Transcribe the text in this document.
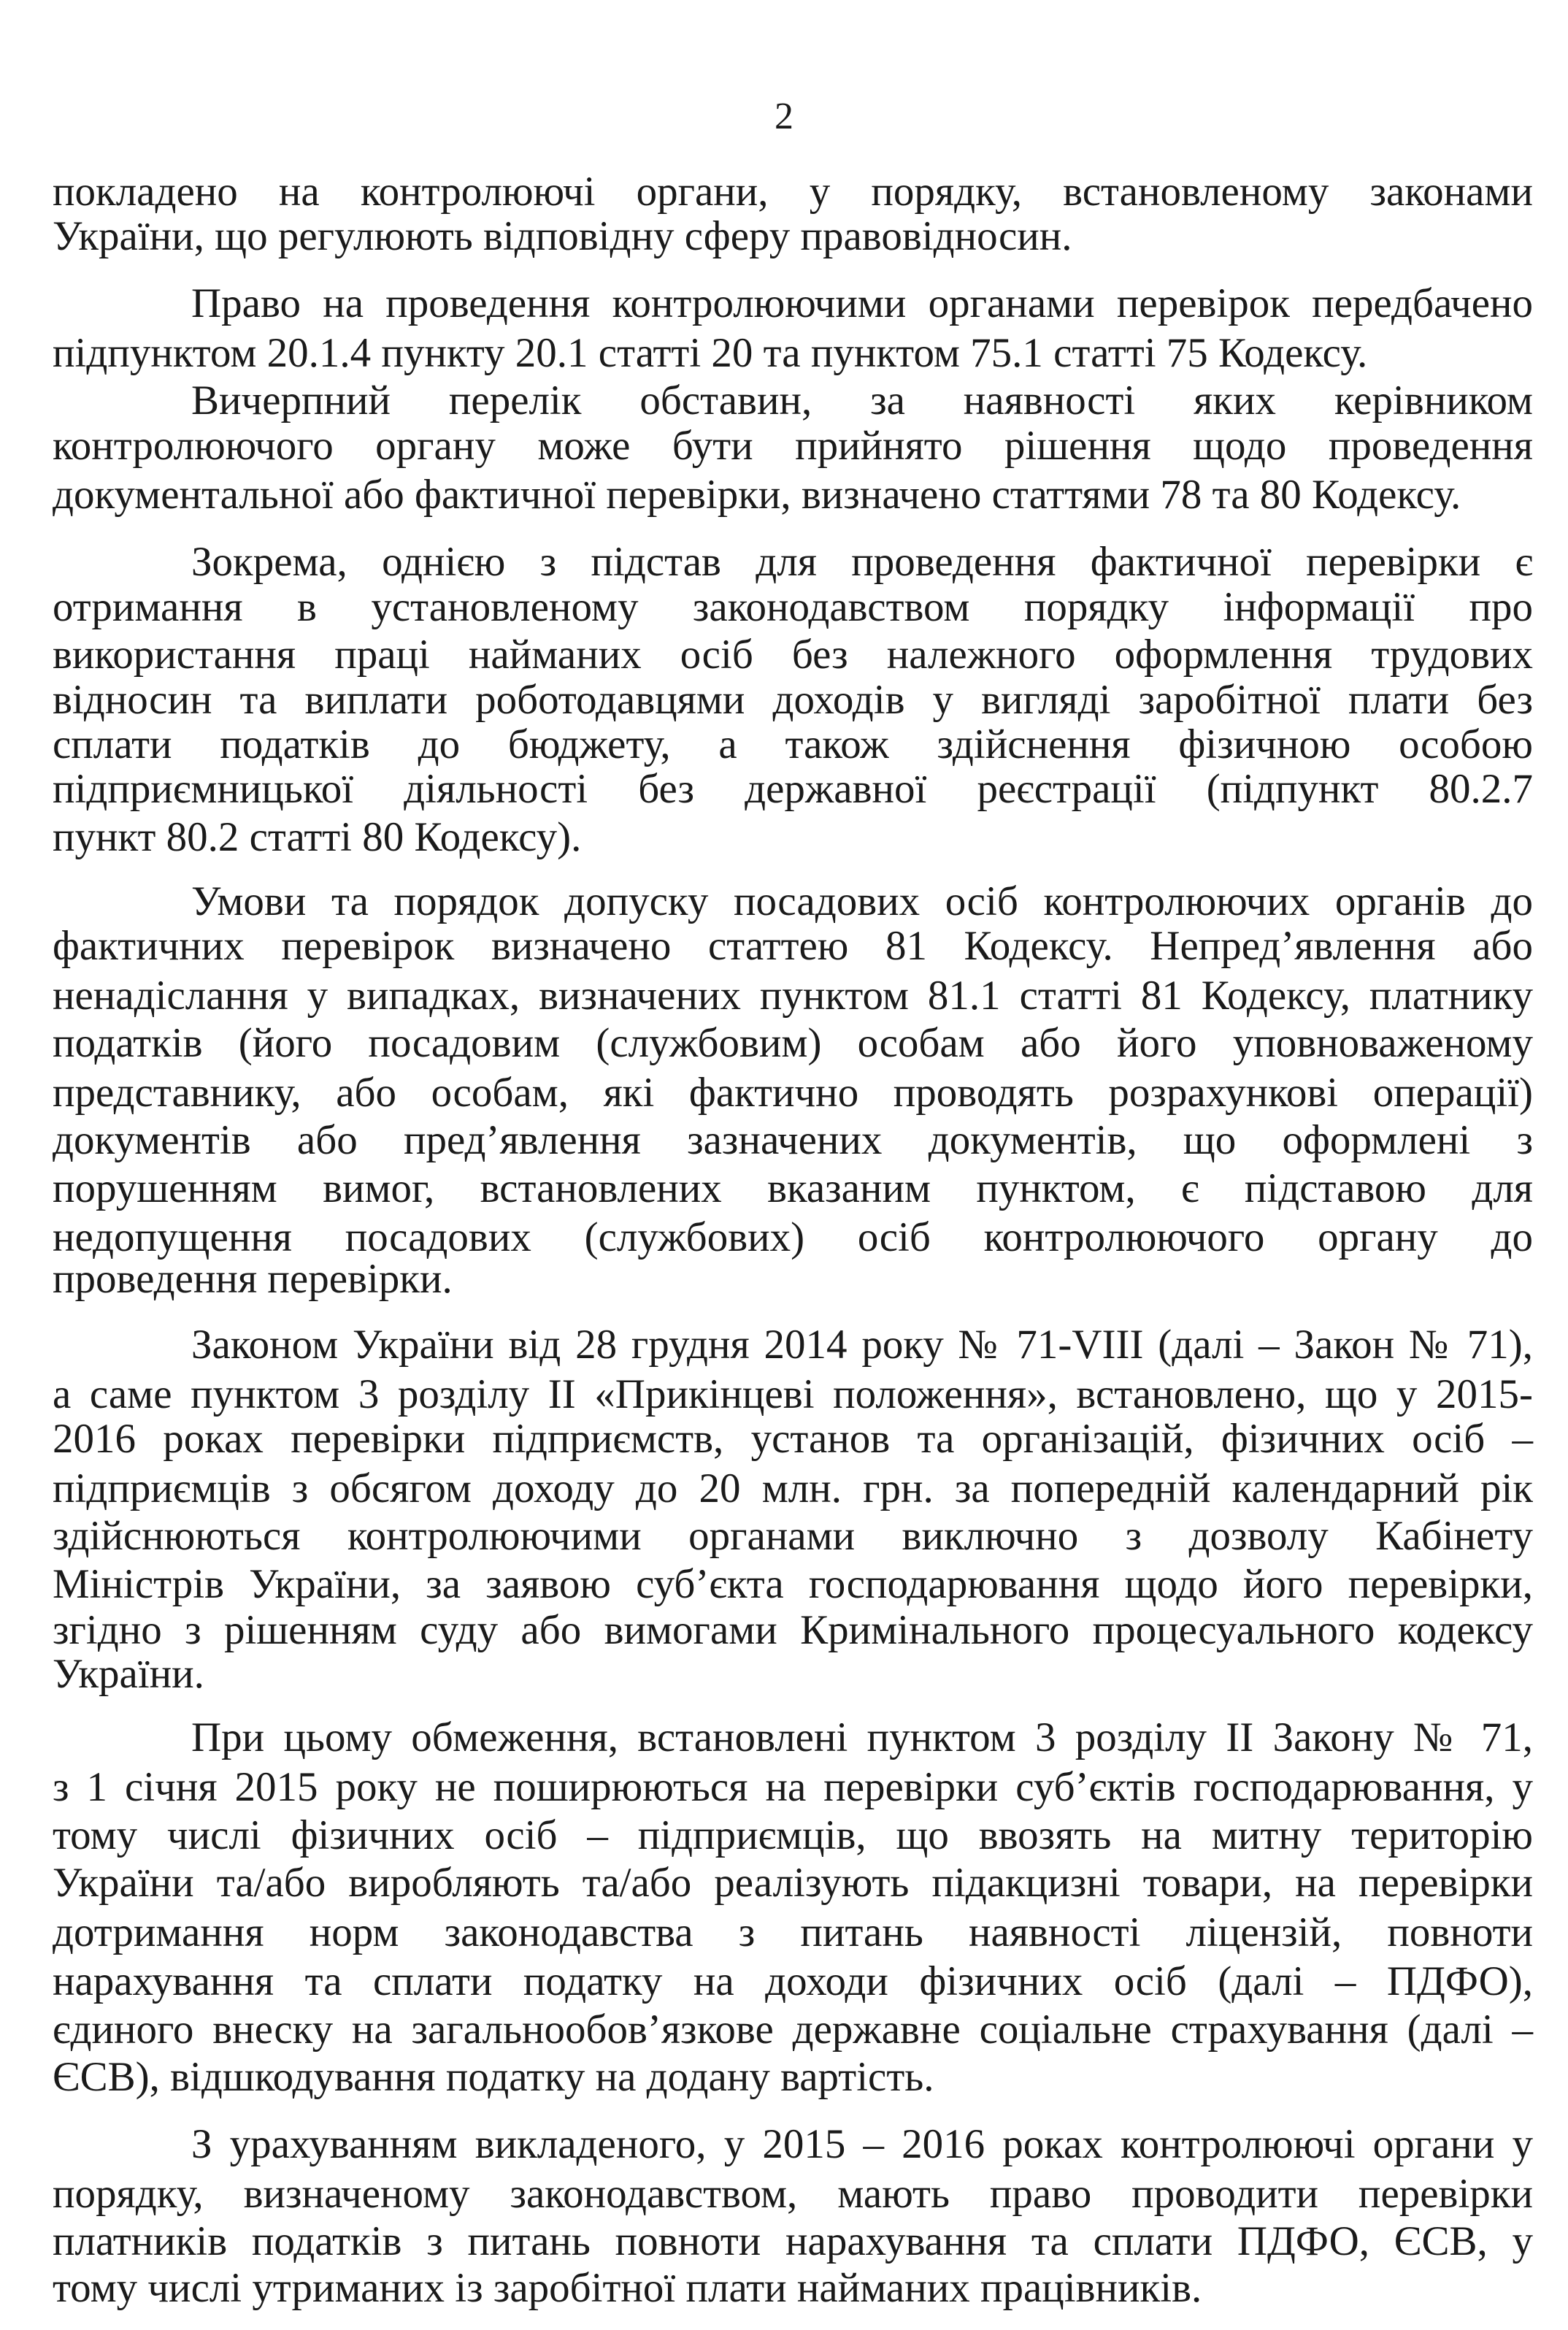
2
покладено на контролюючі органи, у порядку, встановленому законами
України, що регулюють відповідну сферу правовідносин.
Право на проведення контролюючими органами перевірок передбачено
підпунктом 20.1.4 пункту 20.1 статті 20 та пунктом 75.1 статті 75 Кодексу.
Вичерпний перелік обставин, за наявності яких керівником
контролюючого органу може бути прийнято рішення щодо проведення
документальної або фактичної перевірки, визначено статтями 78 та 80 Кодексу.
Зокрема, однією з підстав для проведення фактичної перевірки є
отримання в установленому законодавством порядку інформації про
використання праці найманих осіб без належного оформлення трудових
відносин та виплати роботодавцями доходів у вигляді заробітної плати без
сплати податків до бюджету, а також здійснення фізичною особою
підприємницької діяльності без державної реєстрації (підпункт 80.2.7
пункт 80.2 статті 80 Кодексу).
Умови та порядок допуску посадових осіб контролюючих органів до
фактичних перевірок визначено статтею 81 Кодексу. Непред’явлення або
ненадіслання у випадках, визначених пунктом 81.1 статті 81 Кодексу, платнику
податків (його посадовим (службовим) особам або його уповноваженому
представнику, або особам, які фактично проводять розрахункові операції)
документів або пред’явлення зазначених документів, що оформлені з
порушенням вимог, встановлених вказаним пунктом, є підставою для
недопущення посадових (службових) осіб контролюючого органу до
проведення перевірки.
Законом України від 28 грудня 2014 року № 71-VIII (далі – Закон № 71),
а саме пунктом 3 розділу II «Прикінцеві положення», встановлено, що у 2015-
2016 роках перевірки підприємств, установ та організацій, фізичних осіб –
підприємців з обсягом доходу до 20 млн. грн. за попередній календарний рік
здійснюються контролюючими органами виключно з дозволу Кабінету
Міністрів України, за заявою суб’єкта господарювання щодо його перевірки,
згідно з рішенням суду або вимогами Кримінального процесуального кодексу
України.
При цьому обмеження, встановлені пунктом 3 розділу II Закону № 71,
з 1 січня 2015 року не поширюються на перевірки суб’єктів господарювання, у
тому числі фізичних осіб – підприємців, що ввозять на митну територію
України та/або виробляють та/або реалізують підакцизні товари, на перевірки
дотримання норм законодавства з питань наявності ліцензій, повноти
нарахування та сплати податку на доходи фізичних осіб (далі – ПДФО),
єдиного внеску на загальнообов’язкове державне соціальне страхування (далі –
ЄСВ), відшкодування податку на додану вартість.
З урахуванням викладеного, у 2015 – 2016 роках контролюючі органи у
порядку, визначеному законодавством, мають право проводити перевірки
платників податків з питань повноти нарахування та сплати ПДФО, ЄСВ, у
тому числі утриманих із заробітної плати найманих працівників.
